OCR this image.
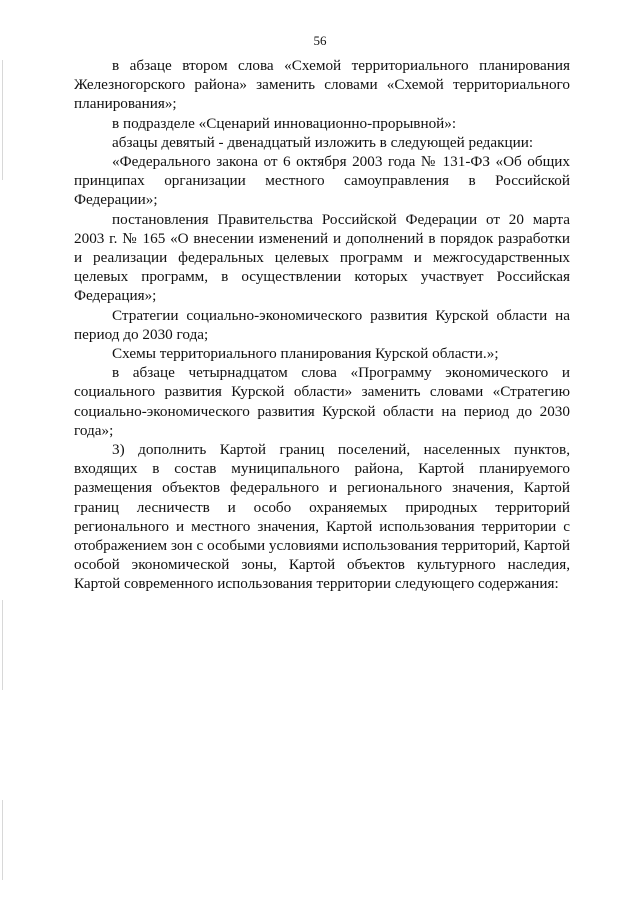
56

в абзаце втором слова «Схемой территориального планирования Железногорского района» заменить словами «Схемой территориального планирования»;

в подразделе «Сценарий инновационно-прорывной»:

абзацы девятый - двенадцатый изложить в следующей редакции:

«Федерального закона от 6 октября 2003 года № 131-ФЗ «Об общих принципах организации местного самоуправления в Российской Федерации»;

постановления Правительства Российской Федерации от 20 марта 2003 г. № 165 «О внесении изменений и дополнений в порядок разработки и реализации федеральных целевых программ и межгосударственных целевых программ, в осуществлении которых участвует Российская Федерация»;

Стратегии социально-экономического развития Курской области на период до 2030 года;

Схемы территориального планирования Курской области.»;

в абзаце четырнадцатом слова «Программу экономического и социального развития Курской области» заменить словами «Стратегию социально-экономического развития Курской области на период до 2030 года»;

3) дополнить Картой границ поселений, населенных пунктов, входящих в состав муниципального района, Картой планируемого размещения объектов федерального и регионального значения, Картой границ лесничеств и особо охраняемых природных территорий регионального и местного значения, Картой использования территории с отображением зон с особыми условиями использования территорий, Картой особой экономической зоны, Картой объектов культурного наследия, Картой современного использования территории следующего содержания:
